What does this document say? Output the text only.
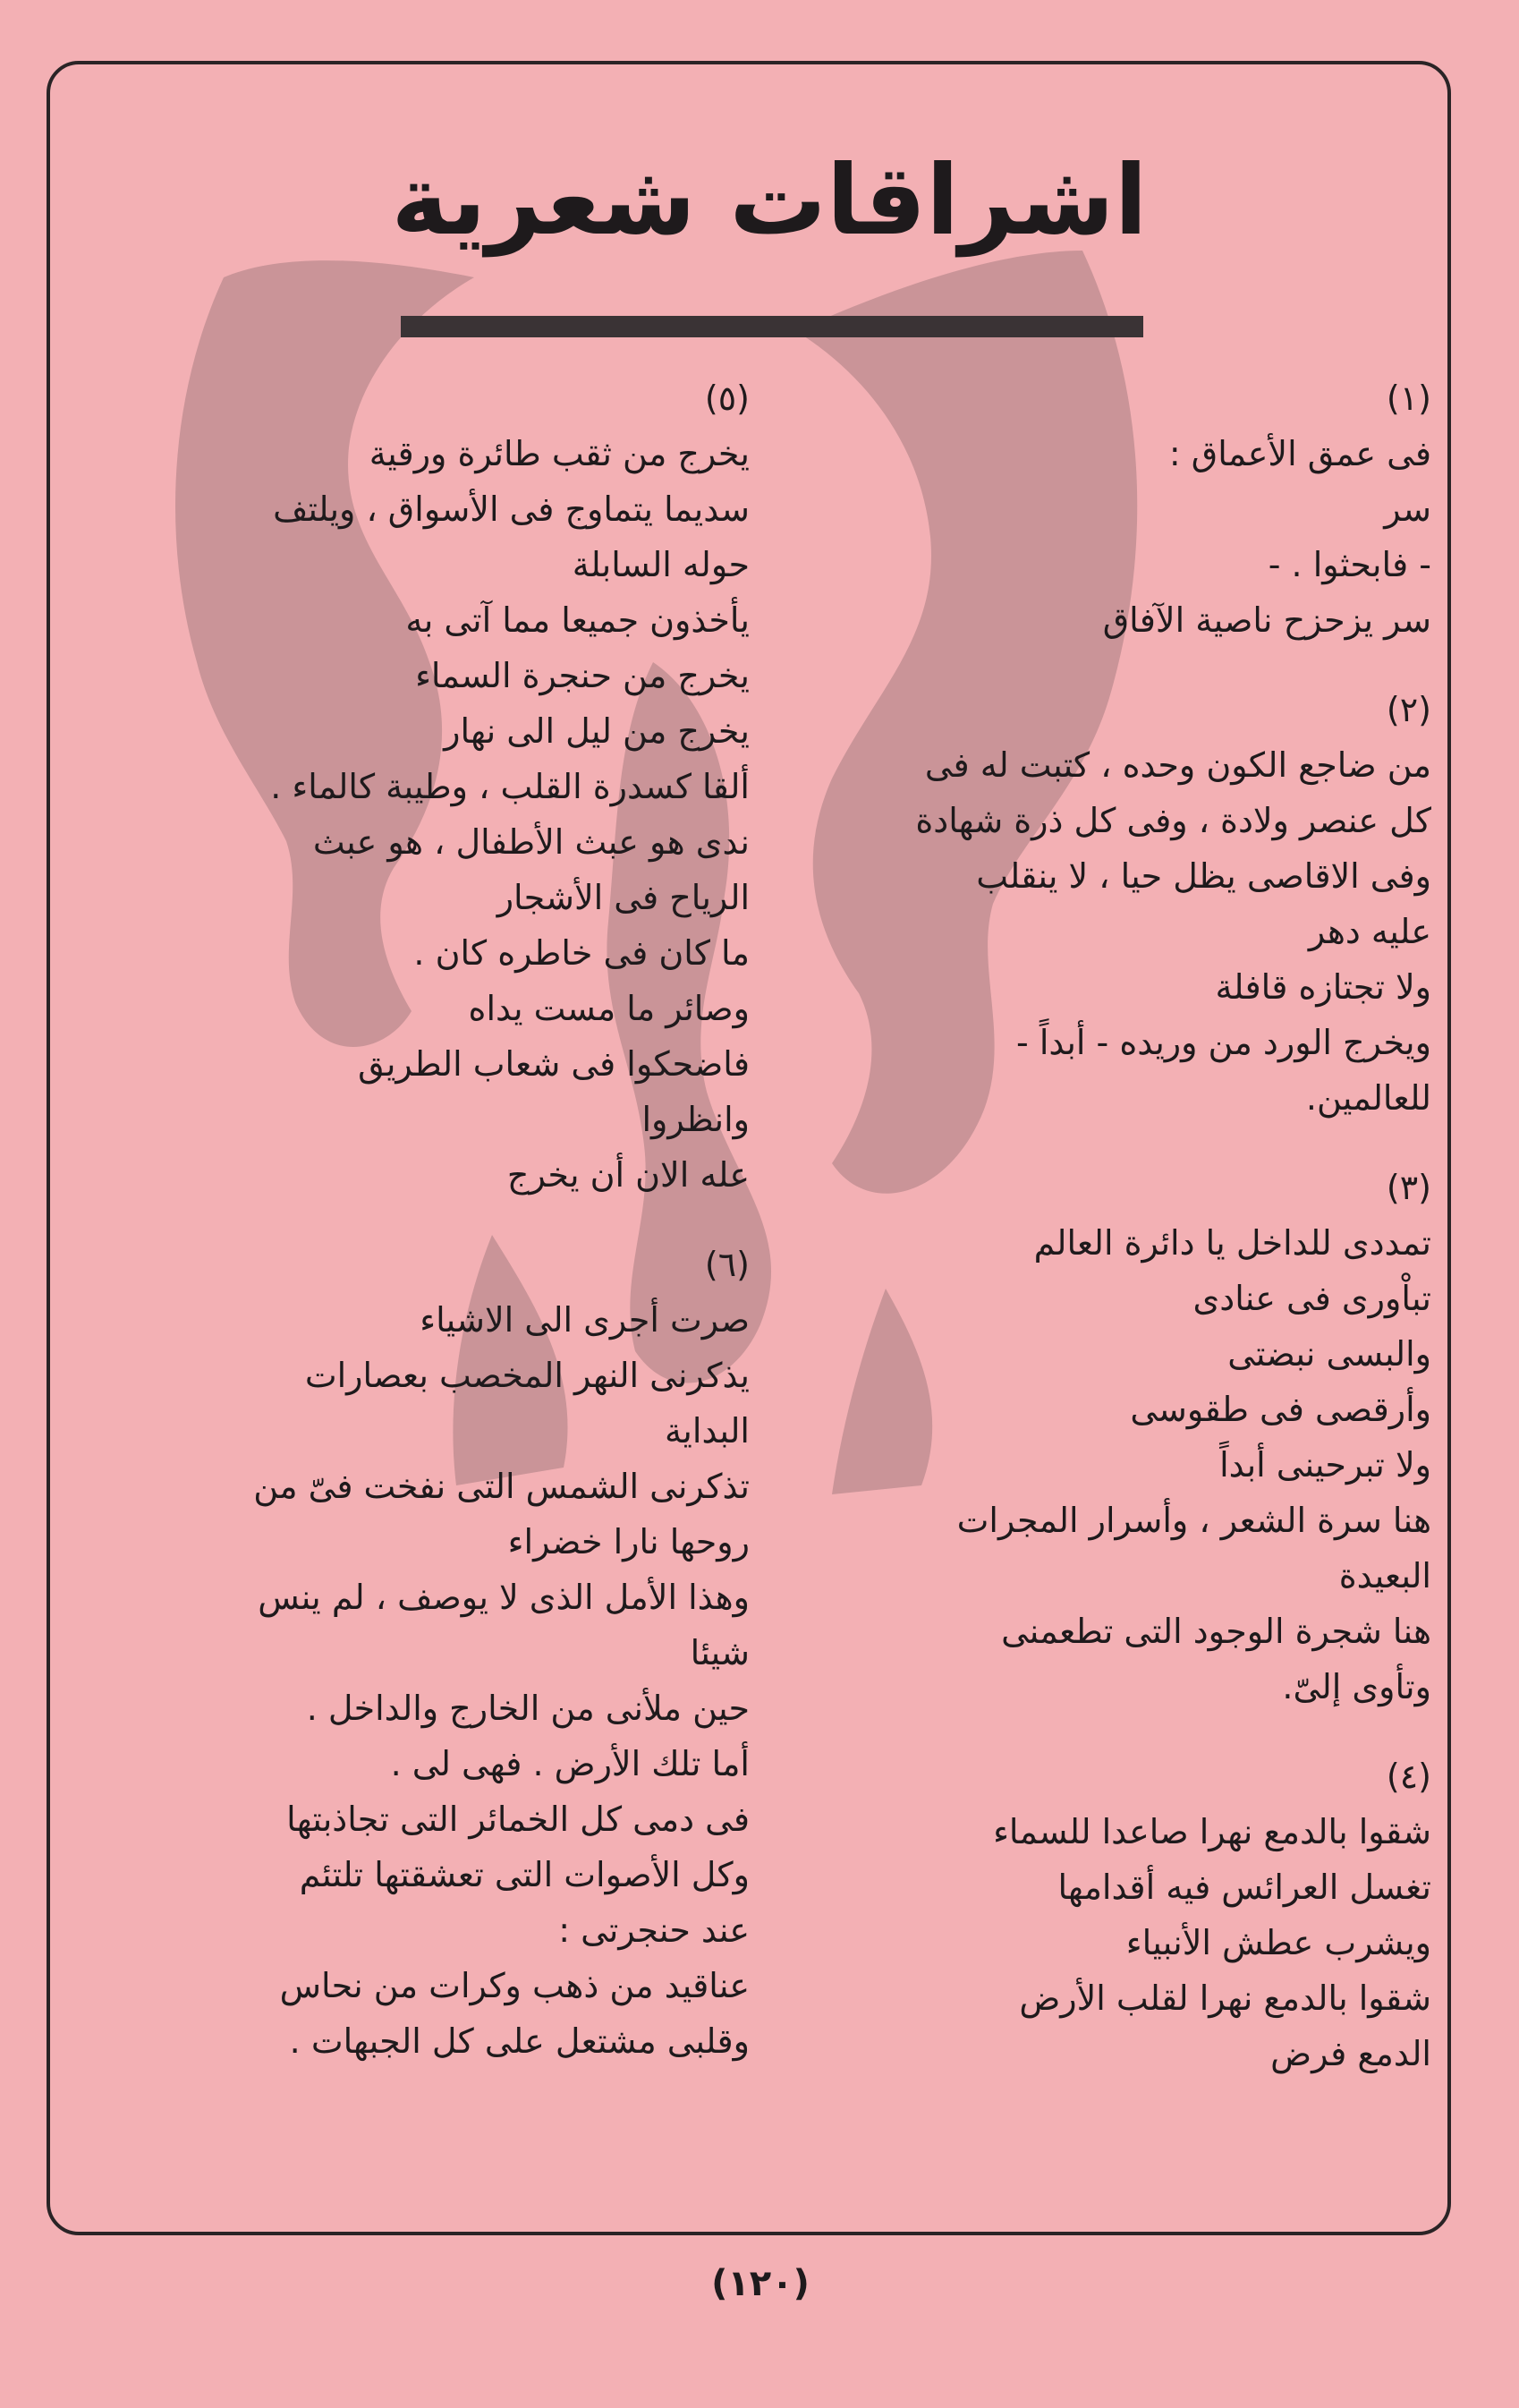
اشراقات شعرية
(١)
فى عمق الأعماق :
سر
- فابحثوا . -
سر يزحزح ناصية الآفاق
(٢)
من ضاجع الكون وحده ، كتبت له فى
كل عنصر ولادة ، وفى كل ذرة شهادة
وفى الاقاصى يظل حيا ، لا ينقلب
عليه دهر
ولا تجتازه قافلة
ويخرج الورد من وريده - أبداً -
للعالمين.
(٣)
تمددى للداخل يا دائرة العالم
تباْورى فى عنادى
والبسى نبضتى
وأرقصى فى طقوسى
ولا تبرحينى أبداً
هنا سرة الشعر ، وأسرار المجرات
البعيدة
هنا شجرة الوجود التى تطعمنى
وتأوى إلىّ.
(٤)
شقوا بالدمع نهرا صاعدا للسماء
تغسل العرائس فيه أقدامها
ويشرب عطش الأنبياء
شقوا بالدمع نهرا لقلب الأرض
الدمع فرض
(٥)
يخرج من ثقب طائرة ورقية
سديما يتماوج فى الأسواق ، ويلتف
حوله السابلة
يأخذون جميعا مما آتى به
يخرج من حنجرة السماء
يخرج من ليل الى نهار
ألقا كسدرة القلب ، وطيبة كالماء .
ندى هو عبث الأطفال ، هو عبث
الرياح فى الأشجار
ما كان فى خاطره كان .
وصائر ما مست يداه
فاضحكوا فى شعاب الطريق
وانظروا
عله الان أن يخرج
(٦)
صرت أجرى الى الاشياء
يذكرنى النهر المخصب بعصارات
البداية
تذكرنى الشمس التى نفخت فىّ من
روحها نارا خضراء
وهذا الأمل الذى لا يوصف ، لم ينس
شيئا
حين ملأنى من الخارج والداخل .
أما تلك الأرض . فهى لى .
فى دمى كل الخمائر التى تجاذبتها
وكل الأصوات التى تعشقتها تلتئم
عند حنجرتى :
عناقيد من ذهب وكرات من نحاس
وقلبى مشتعل على كل الجبهات .
(١٢٠)
